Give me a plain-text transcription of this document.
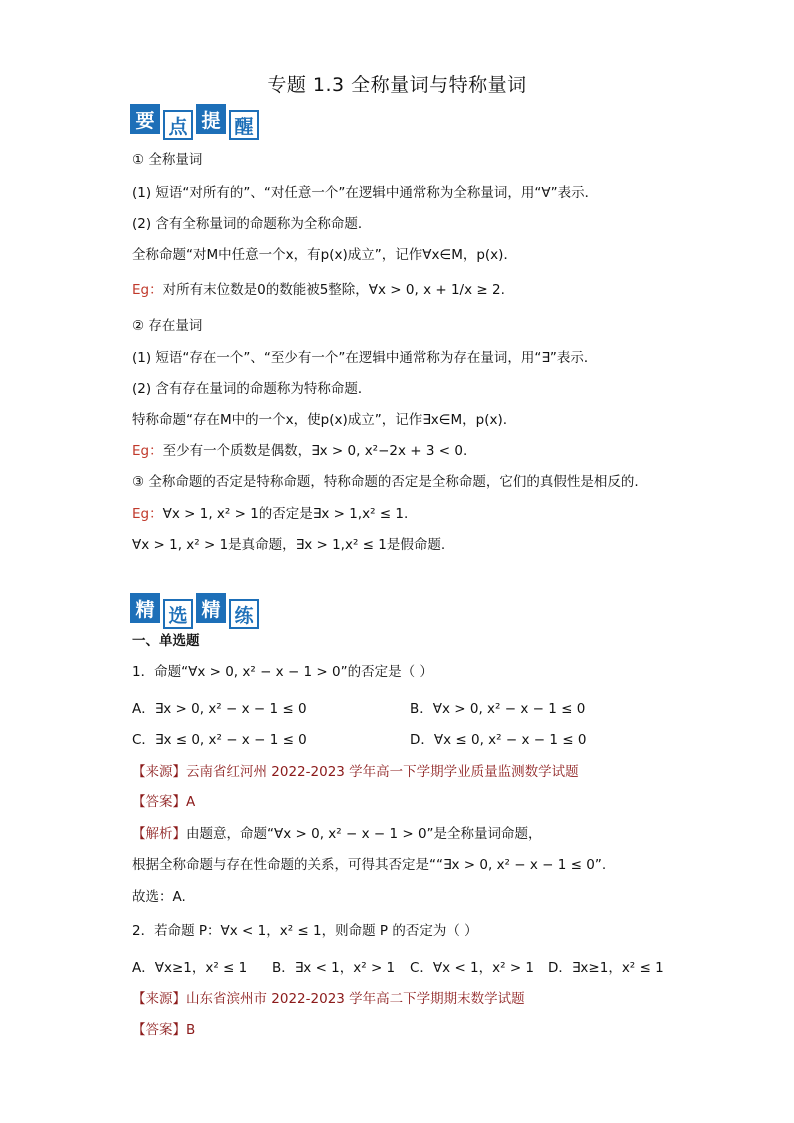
专题 1.3 全称量词与特称量词
要 点 提 醒
① 全称量词
(1) 短语“对所有的”、“对任意一个”在逻辑中通常称为全称量词，用“∀”表示．
(2) 含有全称量词的命题称为全称命题．
全称命题“对M中任意一个x，有p(x)成立”，记作∀x∈M，p(x)．
Eg：对所有末位数是0的数能被5整除，∀x > 0, x + 1/x ≥ 2.
② 存在量词
(1) 短语“存在一个”、“至少有一个”在逻辑中通常称为存在量词，用“∃”表示．
(2) 含有存在量词的命题称为特称命题．
特称命题“存在M中的一个x，使p(x)成立”，记作∃x∈M，p(x).
Eg：至少有一个质数是偶数，∃x > 0, x²−2x + 3 < 0.
③ 全称命题的否定是特称命题，特称命题的否定是全称命题，它们的真假性是相反的.
Eg：∀x > 1, x² > 1的否定是∃x > 1,x² ≤ 1.
∀x > 1, x² > 1是真命题，∃x > 1,x² ≤ 1是假命题.
精 选 精 练
一、单选题
1．命题“∀x > 0, x² − x − 1 > 0”的否定是（ ）
A．∃x > 0, x² − x − 1 ≤ 0	B．∀x > 0, x² − x − 1 ≤ 0
C．∃x ≤ 0, x² − x − 1 ≤ 0	D．∀x ≤ 0, x² − x − 1 ≤ 0
【来源】云南省红河州 2022-2023 学年高一下学期学业质量监测数学试题
【答案】A
【解析】由题意，命题“∀x > 0, x² − x − 1 > 0”是全称量词命题，
根据全称命题与存在性命题的关系，可得其否定是““∃x > 0, x² − x − 1 ≤ 0”.
故选：A.
2．若命题 P：∀x < 1，x² ≤ 1，则命题 P 的否定为（ ）
A．∀x≥1，x² ≤ 1 B．∃x < 1，x² > 1 C．∀x < 1，x² > 1 D．∃x≥1，x² ≤ 1
【来源】山东省滨州市 2022-2023 学年高二下学期期末数学试题
【答案】B
